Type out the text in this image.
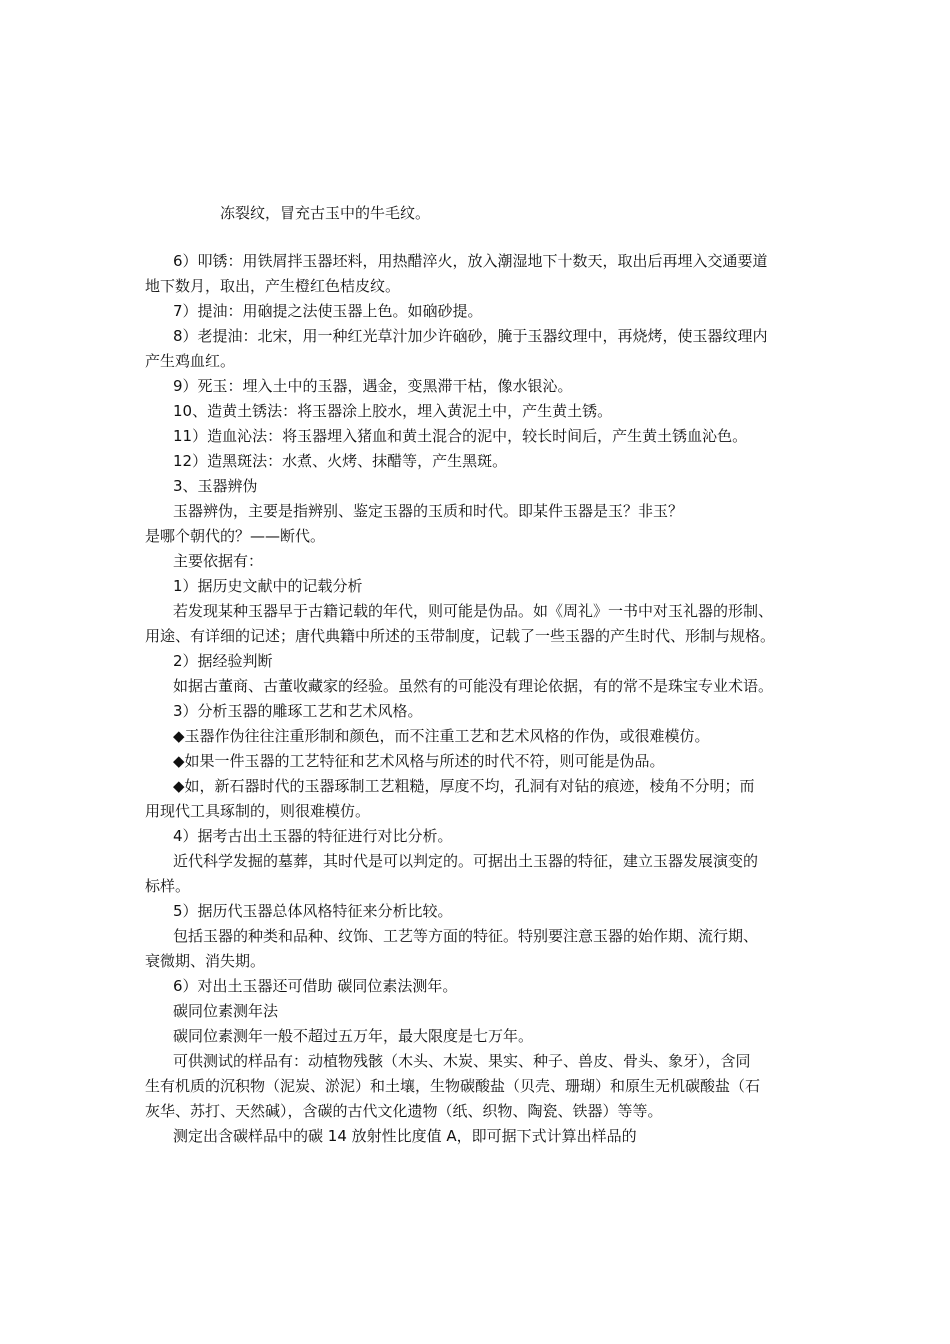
冻裂纹，冒充古玉中的牛毛纹。
6）叩锈：用铁屑拌玉器坯料，用热醋淬火，放入潮湿地下十数天，取出后再埋入交通要道
地下数月，取出，产生橙红色桔皮纹。
7）提油：用硇提之法使玉器上色。如硇砂提。
8）老提油：北宋，用一种红光草汁加少许硇砂，腌于玉器纹理中，再烧烤，使玉器纹理内
产生鸡血红。
9）死玉：埋入土中的玉器，遇金，变黑滞干枯，像水银沁。
10、造黄土锈法：将玉器涂上胶水，埋入黄泥土中，产生黄土锈。
11）造血沁法：将玉器埋入猪血和黄土混合的泥中，较长时间后，产生黄土锈血沁色。
12）造黑斑法：水煮、火烤、抹醋等，产生黑斑。
3、玉器辨伪
玉器辨伪，主要是指辨别、鉴定玉器的玉质和时代。即某件玉器是玉？非玉？
是哪个朝代的？——断代。
主要依据有：
1）据历史文献中的记载分析
若发现某种玉器早于古籍记载的年代，则可能是伪品。如《周礼》一书中对玉礼器的形制、
用途、有详细的记述；唐代典籍中所述的玉带制度，记载了一些玉器的产生时代、形制与规格。
2）据经验判断
如据古董商、古董收藏家的经验。虽然有的可能没有理论依据，有的常不是珠宝专业术语。
3）分析玉器的雕琢工艺和艺术风格。
◆玉器作伪往往注重形制和颜色，而不注重工艺和艺术风格的作伪，或很难模仿。
◆如果一件玉器的工艺特征和艺术风格与所述的时代不符，则可能是伪品。
◆如，新石器时代的玉器琢制工艺粗糙，厚度不均，孔洞有对钻的痕迹，棱角不分明；而
用现代工具琢制的，则很难模仿。
4）据考古出土玉器的特征进行对比分析。
近代科学发掘的墓葬，其时代是可以判定的。可据出土玉器的特征，建立玉器发展演变的
标样。
5）据历代玉器总体风格特征来分析比较。
包括玉器的种类和品种、纹饰、工艺等方面的特征。特别要注意玉器的始作期、流行期、
衰微期、消失期。
6）对出土玉器还可借助 碳同位素法测年。
碳同位素测年法
碳同位素测年一般不超过五万年，最大限度是七万年。
可供测试的样品有：动植物残骸（木头、木炭、果实、种子、兽皮、骨头、象牙），含同
生有机质的沉积物（泥炭、淤泥）和土壤，生物碳酸盐（贝壳、珊瑚）和原生无机碳酸盐（石
灰华、苏打、天然碱），含碳的古代文化遗物（纸、织物、陶瓷、铁器）等等。
测定出含碳样品中的碳 14 放射性比度值 A，即可据下式计算出样品的
